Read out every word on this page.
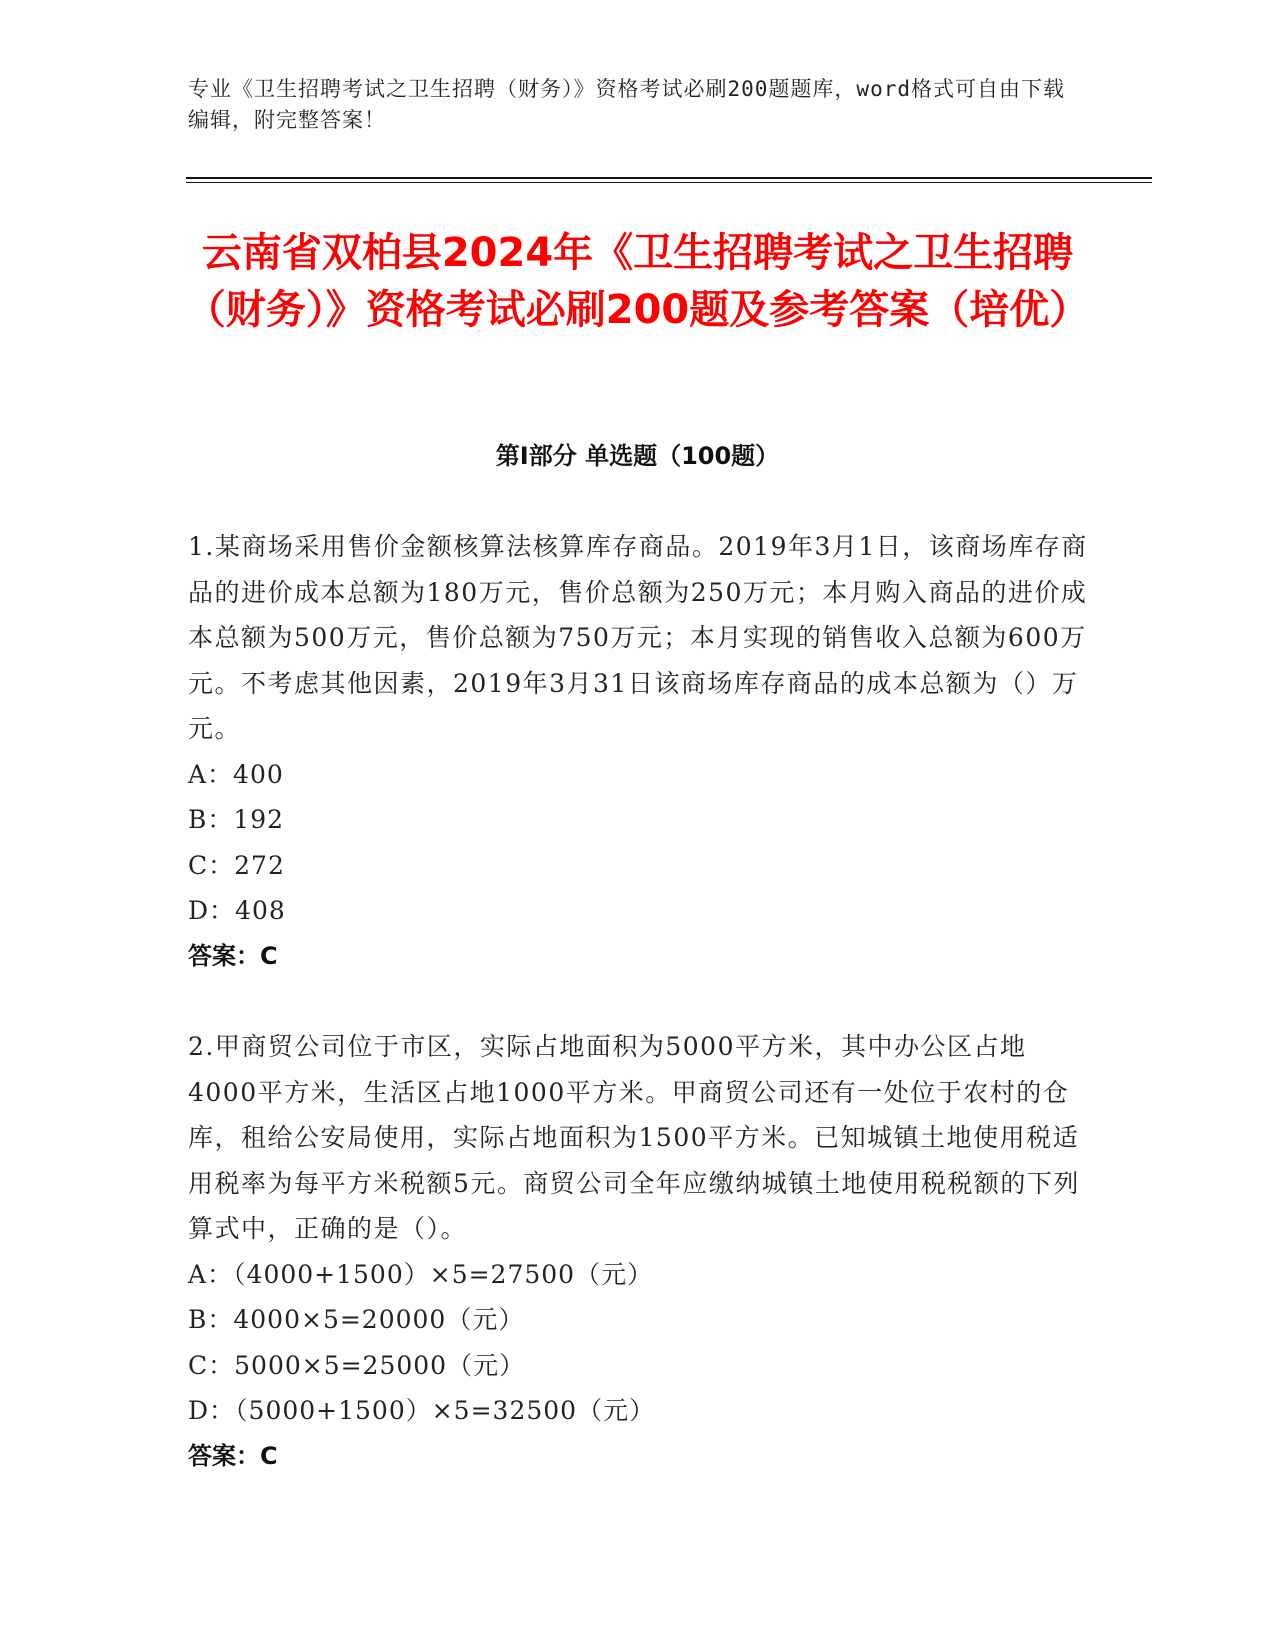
专业《卫生招聘考试之卫生招聘（财务）》资格考试必刷200题题库，word格式可自由下载编辑，附完整答案！
云南省双柏县2024年《卫生招聘考试之卫生招聘（财务）》资格考试必刷200题及参考答案（培优）
第I部分 单选题（100题）

1.某商场采用售价金额核算法核算库存商品。2019年3月1日，该商场库存商品的进价成本总额为180万元，售价总额为250万元；本月购入商品的进价成本总额为500万元，售价总额为750万元；本月实现的销售收入总额为600万元。不考虑其他因素，2019年3月31日该商场库存商品的成本总额为（）万元。

A：400

B：192

C：272

D：408

答案：C

2.甲商贸公司位于市区，实际占地面积为5000平方米，其中办公区占地4000平方米，生活区占地1000平方米。甲商贸公司还有一处位于农村的仓库，租给公安局使用，实际占地面积为1500平方米。已知城镇土地使用税适用税率为每平方米税额5元。商贸公司全年应缴纳城镇土地使用税税额的下列算式中，正确的是（）。

A：（4000+1500）×5=27500（元）

B：4000×5=20000（元）

C：5000×5=25000（元）

D：（5000+1500）×5=32500（元）

答案：C
